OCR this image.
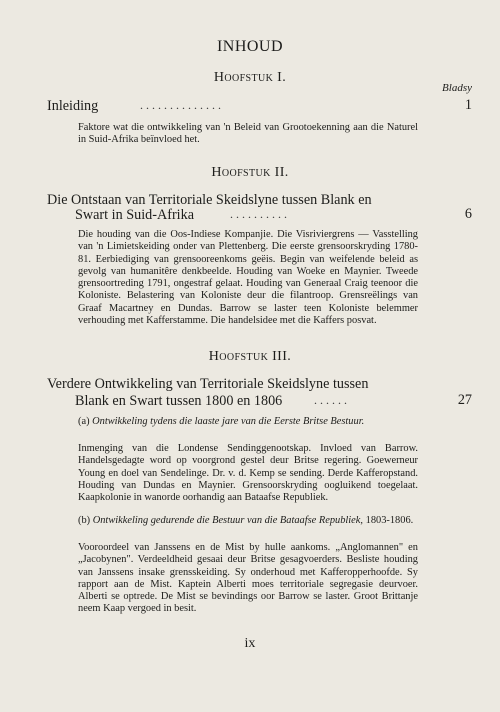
INHOUD
Hoofstuk I.
Bladsy
Inleiding	. . . . . . . . . . . . . .	1
Faktore wat die ontwikkeling van 'n Beleid van Grootoekenning aan die Naturel in Suid-Afrika beïnvloed het.
Hoofstuk II.
Die Ontstaan van Territoriale Skeidslyne tussen Blank en
Swart in Suid-Afrika	. . . . . . . . . .	6
Die houding van die Oos-Indiese Kompanjie. Die Visriviergrens — Vasstelling van 'n Limietskeiding onder van Plettenberg. Die eerste grensoorskryding 1780-81. Eerbiediging van grensooreenkoms geëis. Begin van weifelende beleid as gevolg van humanitêre denkbeelde. Houding van Woeke en Maynier. Tweede grensoortreding 1791, ongestraf gelaat. Houding van Generaal Craig teenoor die Koloniste. Belastering van Koloniste deur die filantroop. Grensreëlings van Graaf Macartney en Dundas. Barrow se laster teen Koloniste belemmer verhouding met Kafferstamme. Die handelsidee met die Kaffers posvat.
Hoofstuk III.
Verdere Ontwikkeling van Territoriale Skeidslyne tussen
Blank en Swart tussen 1800 en 1806	. . . . . .	27
(a) Ontwikkeling tydens die laaste jare van die Eerste Britse Bestuur.
Inmenging van die Londense Sendinggenootskap. Invloed van Barrow. Handelsgedagte word op voorgrond gestel deur Britse regering. Goewerneur Young en doel van Sendelinge. Dr. v. d. Kemp se sending. Derde Kafferopstand. Houding van Dundas en Maynier. Grensoorskryding oogluikend toegelaat. Kaapkolonie in wanorde oorhandig aan Bataafse Republiek.
(b) Ontwikkeling gedurende die Bestuur van die Bataafse Republiek, 1803-1806.
Vooroordeel van Janssens en de Mist by hulle aankoms. „Anglomannen" en „Jacobynen". Verdeeldheid gesaai deur Britse gesagvoerders. Besliste houding van Janssens insake grensskeiding. Sy onderhoud met Kafferopperhoofde. Sy rapport aan de Mist. Kaptein Alberti moes territoriale segregasie deurvoer. Alberti se optrede. De Mist se bevindings oor Barrow se laster. Groot Brittanje neem Kaap vergoed in besit.
ix
